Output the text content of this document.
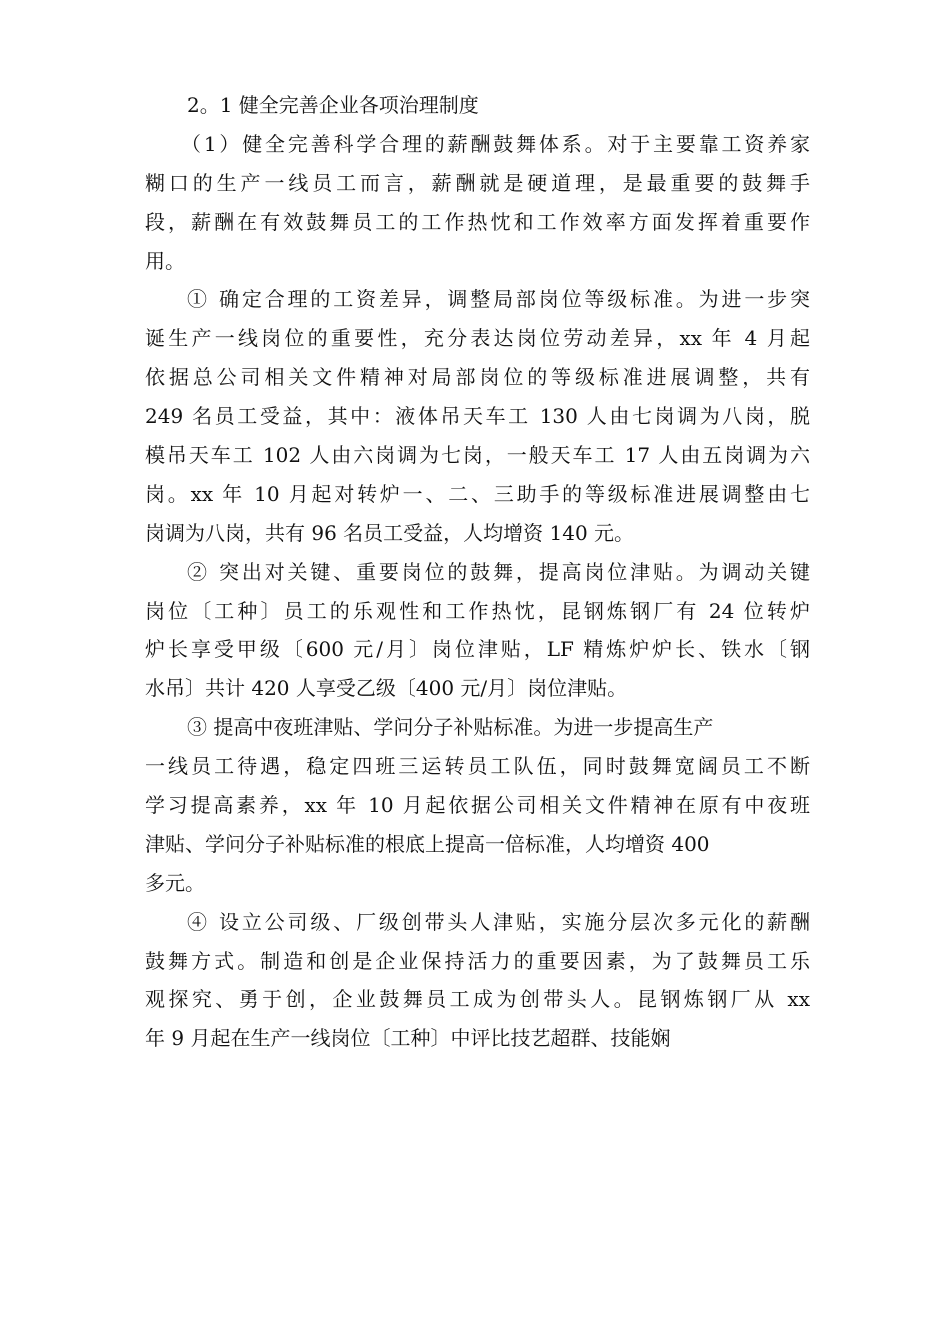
2。1 健全完善企业各项治理制度
（1）健全完善科学合理的薪酬鼓舞体系。对于主要靠工资养家
糊口的生产一线员工而言，薪酬就是硬道理，是最重要的鼓舞手
段，薪酬在有效鼓舞员工的工作热忱和工作效率方面发挥着重要作
用。
① 确定合理的工资差异，调整局部岗位等级标准。为进一步突
诞生产一线岗位的重要性，充分表达岗位劳动差异，xx 年 4 月起
依据总公司相关文件精神对局部岗位的等级标准进展调整，共有
249 名员工受益，其中：液体吊天车工 130 人由七岗调为八岗，脱
模吊天车工 102 人由六岗调为七岗，一般天车工 17 人由五岗调为六
岗。xx 年 10 月起对转炉一、二、三助手的等级标准进展调整由七
岗调为八岗，共有 96 名员工受益，人均增资 140 元。
② 突出对关键、重要岗位的鼓舞，提高岗位津贴。为调动关键
岗位〔工种〕员工的乐观性和工作热忱，昆钢炼钢厂有 24 位转炉
炉长享受甲级〔600 元/月〕岗位津贴，LF 精炼炉炉长、铁水〔钢
水吊〕共计 420 人享受乙级〔400 元/月〕岗位津贴。
③ 提高中夜班津贴、学问分子补贴标准。为进一步提高生产
一线员工待遇，稳定四班三运转员工队伍，同时鼓舞宽阔员工不断
学习提高素养，xx 年 10 月起依据公司相关文件精神在原有中夜班
津贴、学问分子补贴标准的根底上提高一倍标准，人均增资 400
多元。
④ 设立公司级、厂级创带头人津贴，实施分层次多元化的薪酬
鼓舞方式。制造和创是企业保持活力的重要因素，为了鼓舞员工乐
观探究、勇于创，企业鼓舞员工成为创带头人。昆钢炼钢厂从 xx
年 9 月起在生产一线岗位〔工种〕中评比技艺超群、技能娴
